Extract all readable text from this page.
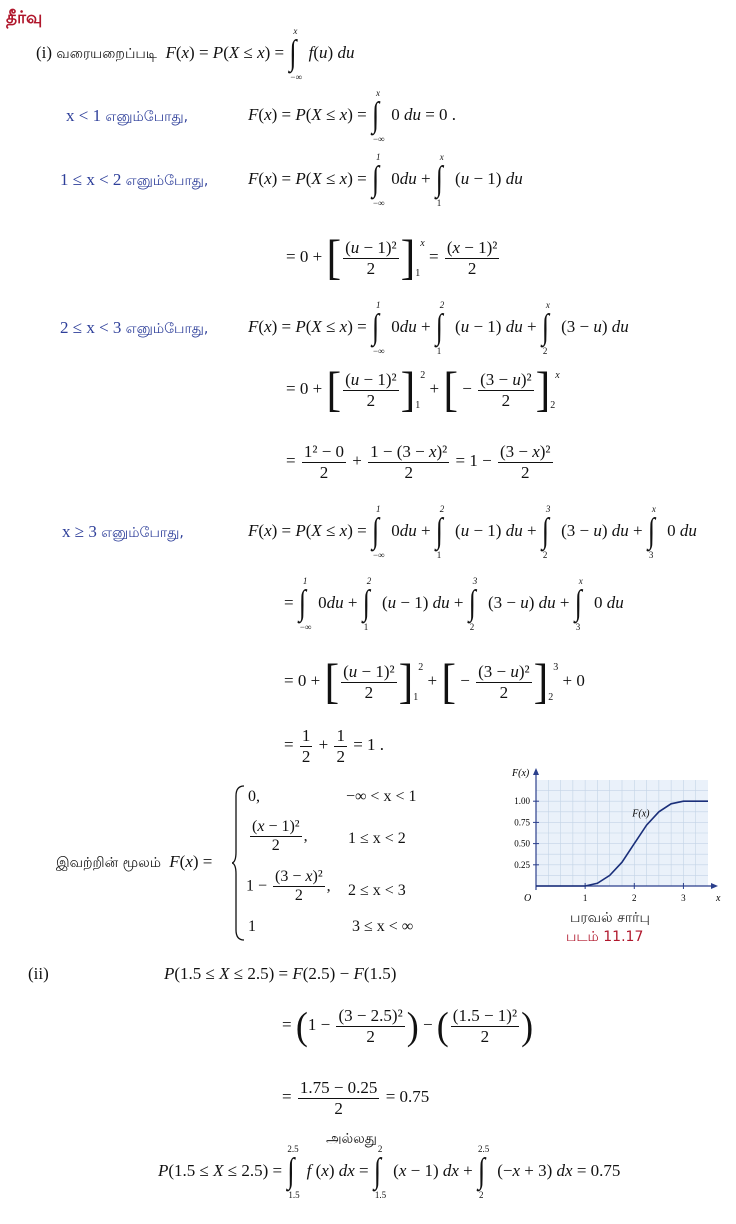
தீர்வு
(i) வரையறைப்படி F(x) = P(X ≤ x) = ∫
x
−∞
f(u) du
x < 1 எனும்போது,	F(x) = P(X ≤ x) = ∫
x
−∞
0 du = 0 .
1 ≤ x < 2 எனும்போது, F(x) = P(X ≤ x) = ∫
1
−∞
0du + ∫
x
1
(u − 1) du
= 0 + [ $\frac{\text{(u − 1)²}}{2} ]_1^x = \frac{\text{(x − 1)²}}{2}$
2 ≤ x < 3 எனும்போது, F(x) = P(X ≤ x) = ∫
1
−∞
0du + ∫
2
1
(u − 1) du + ∫
x
2
(3 − u) du
= 0 + [ $\frac{\text{(u − 1)²}}{2} ]_1^2$ + [ − $\frac{\text{(3 − u)²}}{2} ]_2^x$
= $\frac{\text{1² − 0}}{2} + \frac{\text{1 − (3 − x)²}}{2} = 1 - \frac{\text{(3 − x)²}}{2}$
x ≥ 3 எனும்போது,	F(x) = P(X ≤ x) = ∫
1
−∞
0du + ∫
2
1
(u − 1) du + ∫
3
2
(3 − u) du + ∫
x
3
0 du
= ∫
1
−∞
0du + ∫
2
1
(u − 1) du + ∫
3
2
(3 − u) du + ∫
x
3
0 du
= 0 + [ $\frac{\text{(u − 1)²}}{2} ]_1^2$ + [ − $\frac{\text{(3 − u)²}}{2} ]_2^3 + 0$
= $\frac{1}{2} + \frac{1}{2} = 1$ .
இவற்றின் மூலம் F(x) =
0,	−∞ < x < 1
$\frac{\text{(x − 1)²}}{2}$ ,	1 ≤ x < 2
$1 - \frac{\text{(3 − x)²}}{2}$ , 2 ≤ x < 3
1	3 ≤ x < ∞
1	2	3
0.25
0.50
0.75
1.00
F(x)
F(x)
O	x
பரவல் சார்பு
படம் 11.17
(ii)	P(1.5 ≤ X ≤ 2.5) = F(2.5) − F(1.5)
= ($1 - \frac{\text{(3 − 2.5)²}}{2}$ ) − ( $\frac{\text{(1.5 − 1)²}}{2}$ )
= $\frac{1.75 - 0.25}{2} = 0.75$
அல்லது
P(1.5 ≤ X ≤ 2.5) = ∫
2.5
1.5
f (x) dx = ∫
2
1.5
(x − 1) dx + ∫
2.5
2
(−x + 3) dx = 0.75
